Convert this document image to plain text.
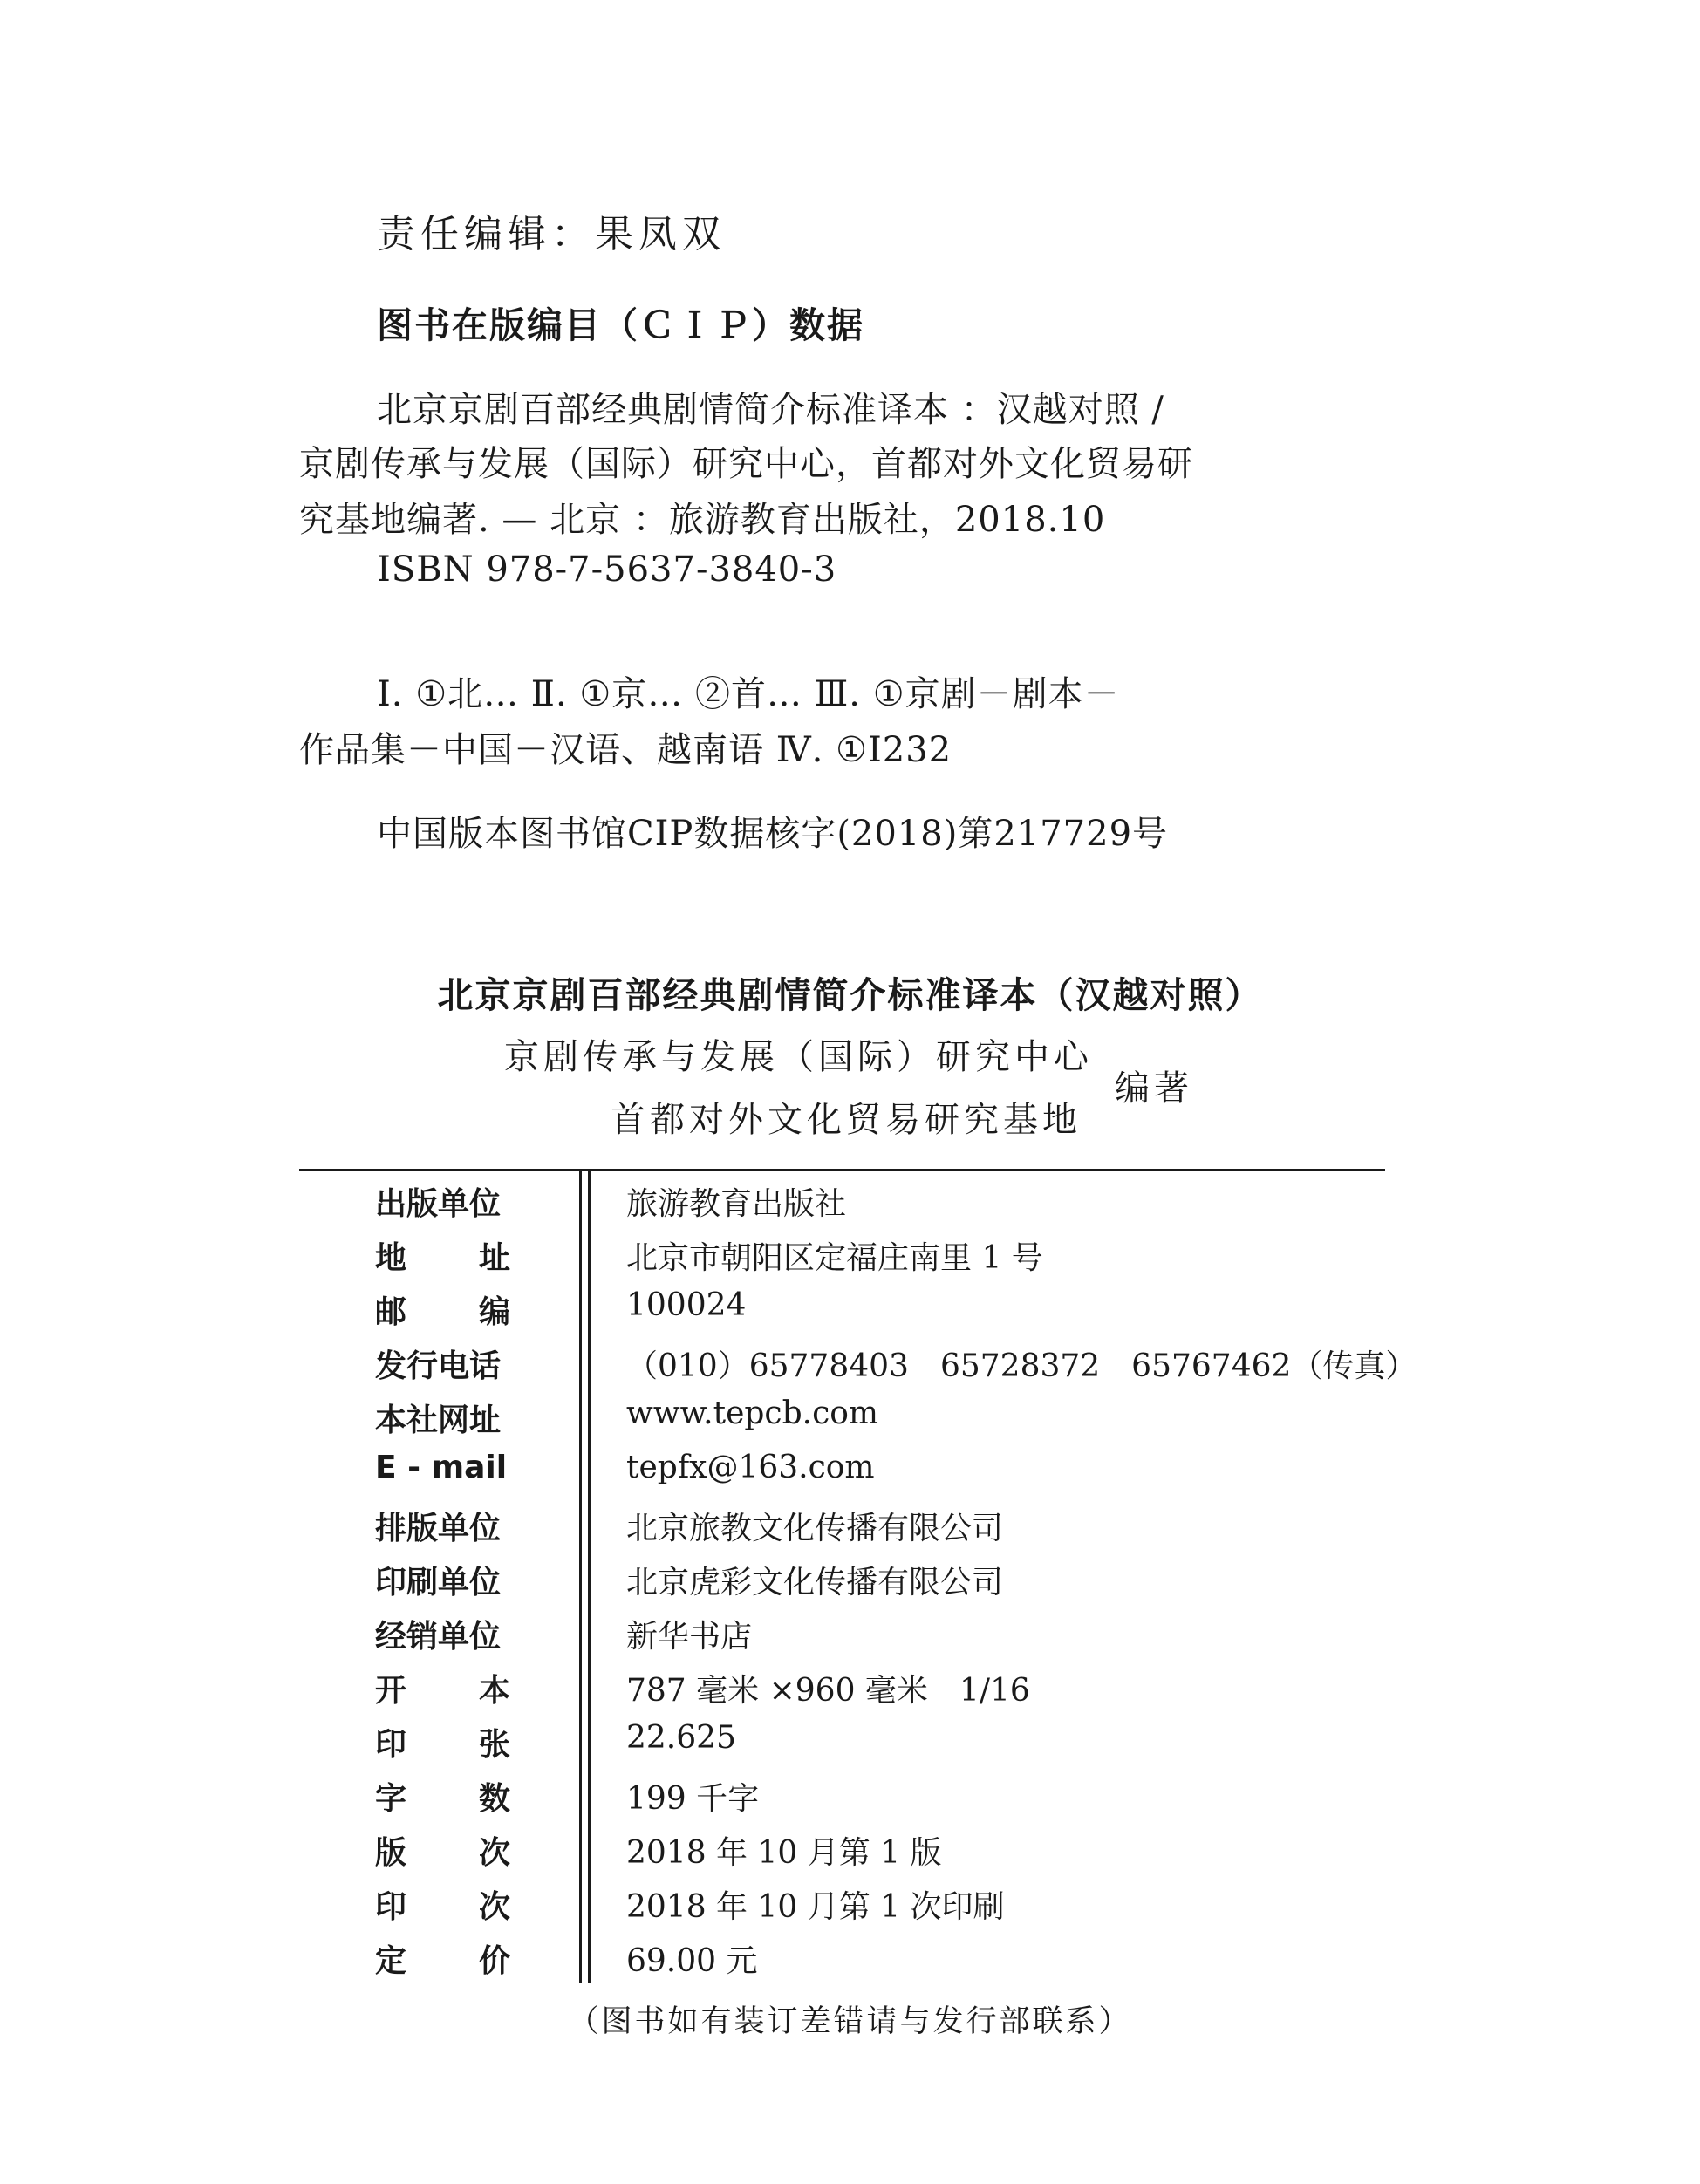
责任编辑：果凤双
图书在版编目（ＣＩＰ）数据
北京京剧百部经典剧情简介标准译本 ：汉越对照 /
京剧传承与发展（国际）研究中心，首都对外文化贸易研
究基地编著. — 北京 ：旅游教育出版社，2018.10
ISBN 978-7-5637-3840-3
Ⅰ. ①北… Ⅱ. ①京… ②首… Ⅲ. ①京剧－剧本－
作品集－中国－汉语、越南语 Ⅳ. ①I232
中国版本图书馆CIP数据核字(2018)第217729号
北京京剧百部经典剧情简介标准译本（汉越对照）
京剧传承与发展（国际）研究中心
首都对外文化贸易研究基地
编著
出版单位	旅游教育出版社
地 址	北京市朝阳区定福庄南里 1 号
邮 编	100024
发行电话	（010）65778403　65728372　65767462（传真）
本社网址	www.tepcb.com
E - mail	tepfx@163.com
排版单位	北京旅教文化传播有限公司
印刷单位	北京虎彩文化传播有限公司
经销单位	新华书店
开 本	787 毫米 ×960 毫米　1/16
印 张	22.625
字 数	199 千字
版 次	2018 年 10 月第 1 版
印 次	2018 年 10 月第 1 次印刷
定 价	69.00 元
（图书如有装订差错请与发行部联系）
